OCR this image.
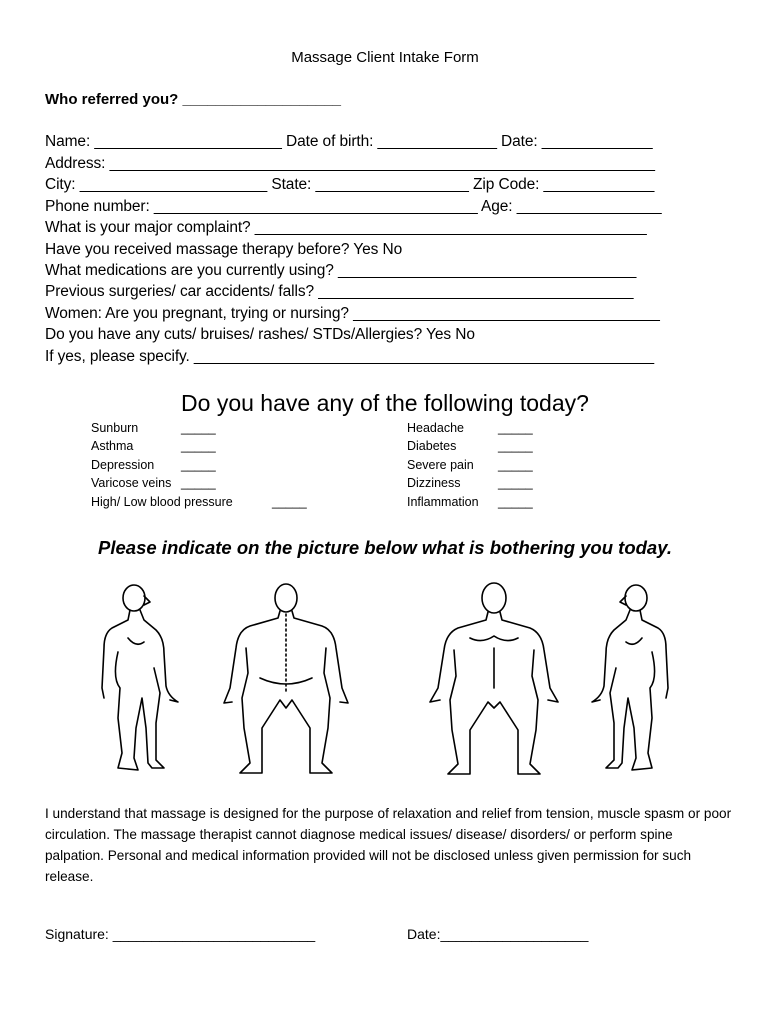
Massage Client Intake Form
Who referred you? ___________________
Name: ______________________ Date of birth: ______________ Date: _____________
Address: ________________________________________________________________
City: ______________________ State: __________________ Zip Code: _____________
Phone number: ______________________________________ Age: _________________
What is your major complaint? ______________________________________________
Have you received massage therapy before? Yes No
What medications are you currently using? ___________________________________
Previous surgeries/ car accidents/ falls? _____________________________________
Women: Are you pregnant, trying or nursing? ____________________________________
Do you have any cuts/ bruises/ rashes/ STDs/Allergies? Yes No
If yes, please specify. ______________________________________________________
Do you have any of the following today?
Sunburn	_____
Asthma	_____
Depression _____
Varicose veins _____
High/ Low blood pressure	_____
Headache	_____
Diabetes	_____
Severe pain _____
Dizziness	_____
Inflammation _____
Please indicate on the picture below what is bothering you today.
I understand that massage is designed for the purpose of relaxation and relief from tension, muscle spasm or poor circulation. The massage therapist cannot diagnose medical issues/ disease/ disorders/ or perform spine palpation. Personal and medical information provided will not be disclosed unless given permission for such release.
Signature: __________________________	Date:___________________
